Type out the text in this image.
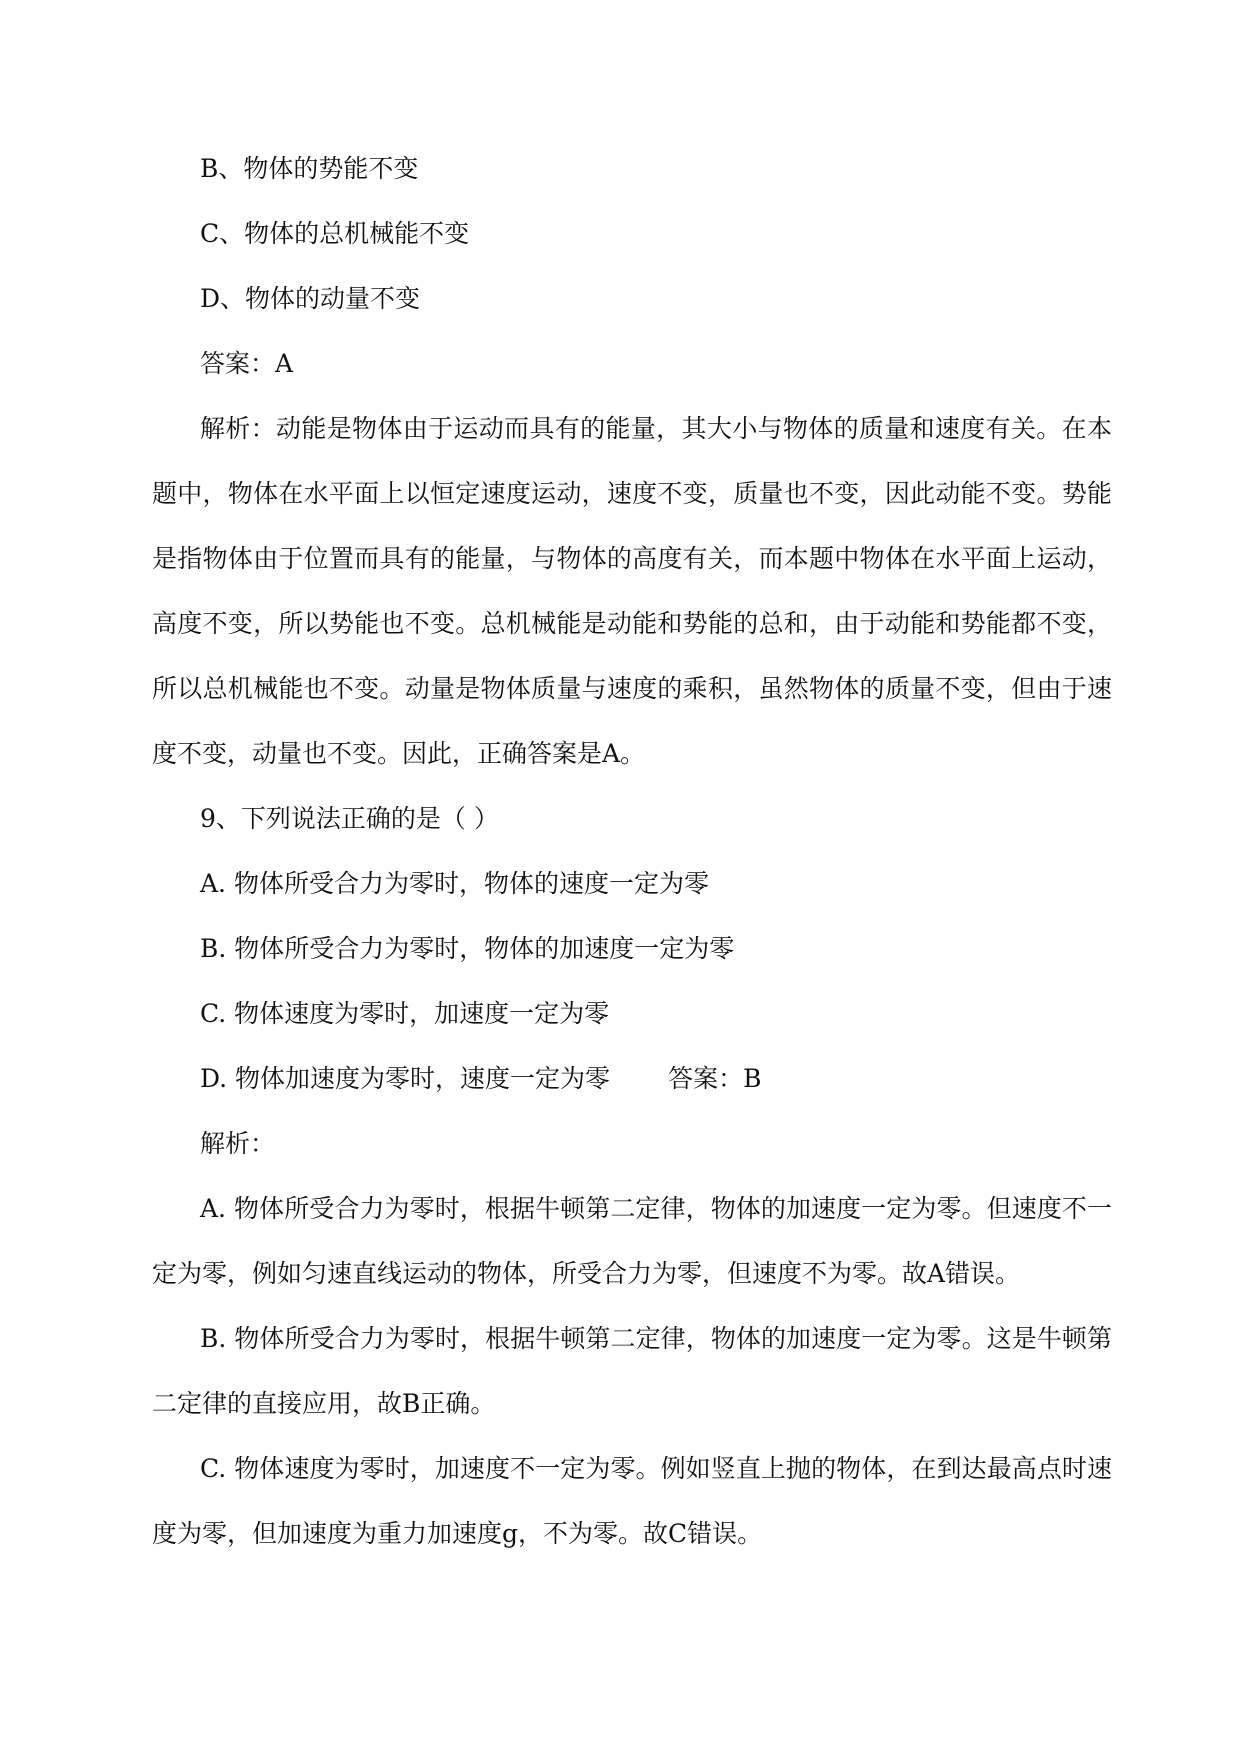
B、物体的势能不变

C、物体的总机械能不变

D、物体的动量不变

答案：A

解析：动能是物体由于运动而具有的能量，其大小与物体的质量和速度有关。在本题中，物体在水平面上以恒定速度运动，速度不变，质量也不变，因此动能不变。势能是指物体由于位置而具有的能量，与物体的高度有关，而本题中物体在水平面上运动，高度不变，所以势能也不变。总机械能是动能和势能的总和，由于动能和势能都不变，所以总机械能也不变。动量是物体质量与速度的乘积，虽然物体的质量不变，但由于速度不变，动量也不变。因此，正确答案是A。

9、下列说法正确的是（ ）

A. 物体所受合力为零时，物体的速度一定为零

B. 物体所受合力为零时，物体的加速度一定为零

C. 物体速度为零时，加速度一定为零

D. 物体加速度为零时，速度一定为零 答案：B

解析：

A. 物体所受合力为零时，根据牛顿第二定律，物体的加速度一定为零。但速度不一定为零，例如匀速直线运动的物体，所受合力为零，但速度不为零。故A错误。

B. 物体所受合力为零时，根据牛顿第二定律，物体的加速度一定为零。这是牛顿第二定律的直接应用，故B正确。

C. 物体速度为零时，加速度不一定为零。例如竖直上抛的物体，在到达最高点时速度为零，但加速度为重力加速度g，不为零。故C错误。
